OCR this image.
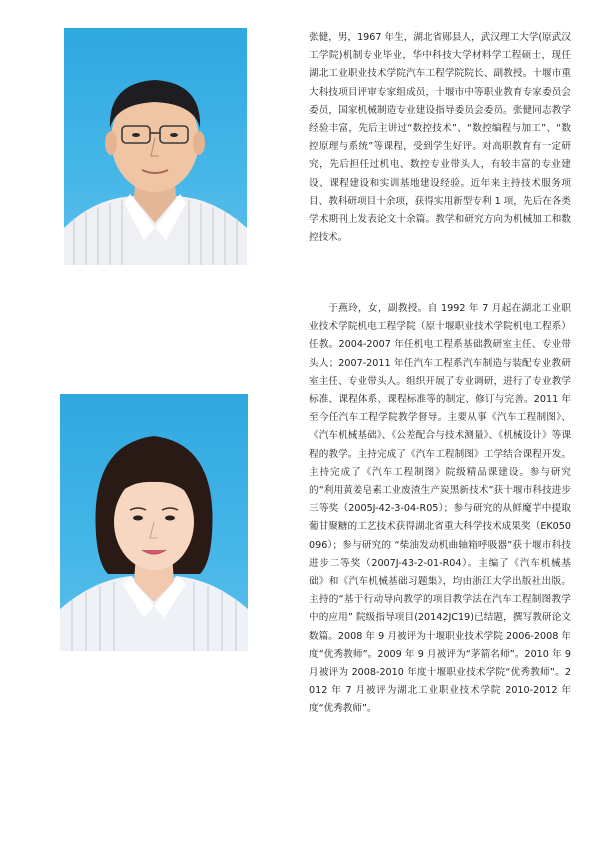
张健，男，1967 年生，湖北省郧县人，武汉理工大学(原武汉工学院)机制专业毕业，华中科技大学材料学工程硕士，现任湖北工业职业技术学院汽车工程学院院长、副教授。十堰市重大科技项目评审专家组成员，十堰市中等职业教育专家委员会委员，国家机械制造专业建设指导委员会委员。张健同志教学经验丰富，先后主讲过“数控技术”、“数控编程与加工”、“数控原理与系统”等课程，受到学生好评。对高职教育有一定研究，先后担任过机电、数控专业带头人，有较丰富的专业建设、课程建设和实训基地建设经验。近年来主持技术服务项目、教科研项目十余项，获得实用新型专利 1 项，先后在各类学术期刊上发表论文十余篇。教学和研究方向为机械加工和数控技术。
于燕玲，女，副教授。自 1992 年 7 月起在湖北工业职业技术学院机电工程学院（原十堰职业技术学院机电工程系）任教。2004-2007 年任机电工程系基础教研室主任、专业带头人；2007-2011 年任汽车工程系汽车制造与装配专业教研室主任、专业带头人。组织开展了专业调研，进行了专业教学标准、课程体系、课程标准等的制定、修订与完善。2011 年至今任汽车工程学院教学督导。主要从事《汽车工程制图》、《汽车机械基础》、《公差配合与技术测量》、《机械设计》等课程的教学。主持完成了《汽车工程制图》工学结合课程开发。主持完成了《汽车工程制图》院级精品课建设。参与研究的“利用黄姜皂素工业废渣生产炭黑新技术”获十堰市科技进步三等奖（2005J-42-3-04-R05）；参与研究的从鲜魔芋中提取葡甘聚糖的工艺技术获得湖北省重大科学技术成果奖（EK050096）；参与研究的 “柴油发动机曲轴箱呼吸器”获十堰市科技进步二等奖（2007J-43-2-01-R04）。主编了《汽车机械基础》和《汽车机械基础习题集》，均由浙江大学出版社出版。主持的“基于行动导向教学的项目教学法在汽车工程制图教学中的应用” 院级指导项目(20142JC19)已结题，撰写教研论文数篇。2008 年 9 月被评为十堰职业技术学院 2006-2008 年度“优秀教师”。2009 年 9 月被评为“茅箭名师”。2010 年 9 月被评为 2008-2010 年度十堰职业技术学院“优秀教师”。2012 年 7 月被评为湖北工业职业技术学院 2010-2012 年度“优秀教师”。
